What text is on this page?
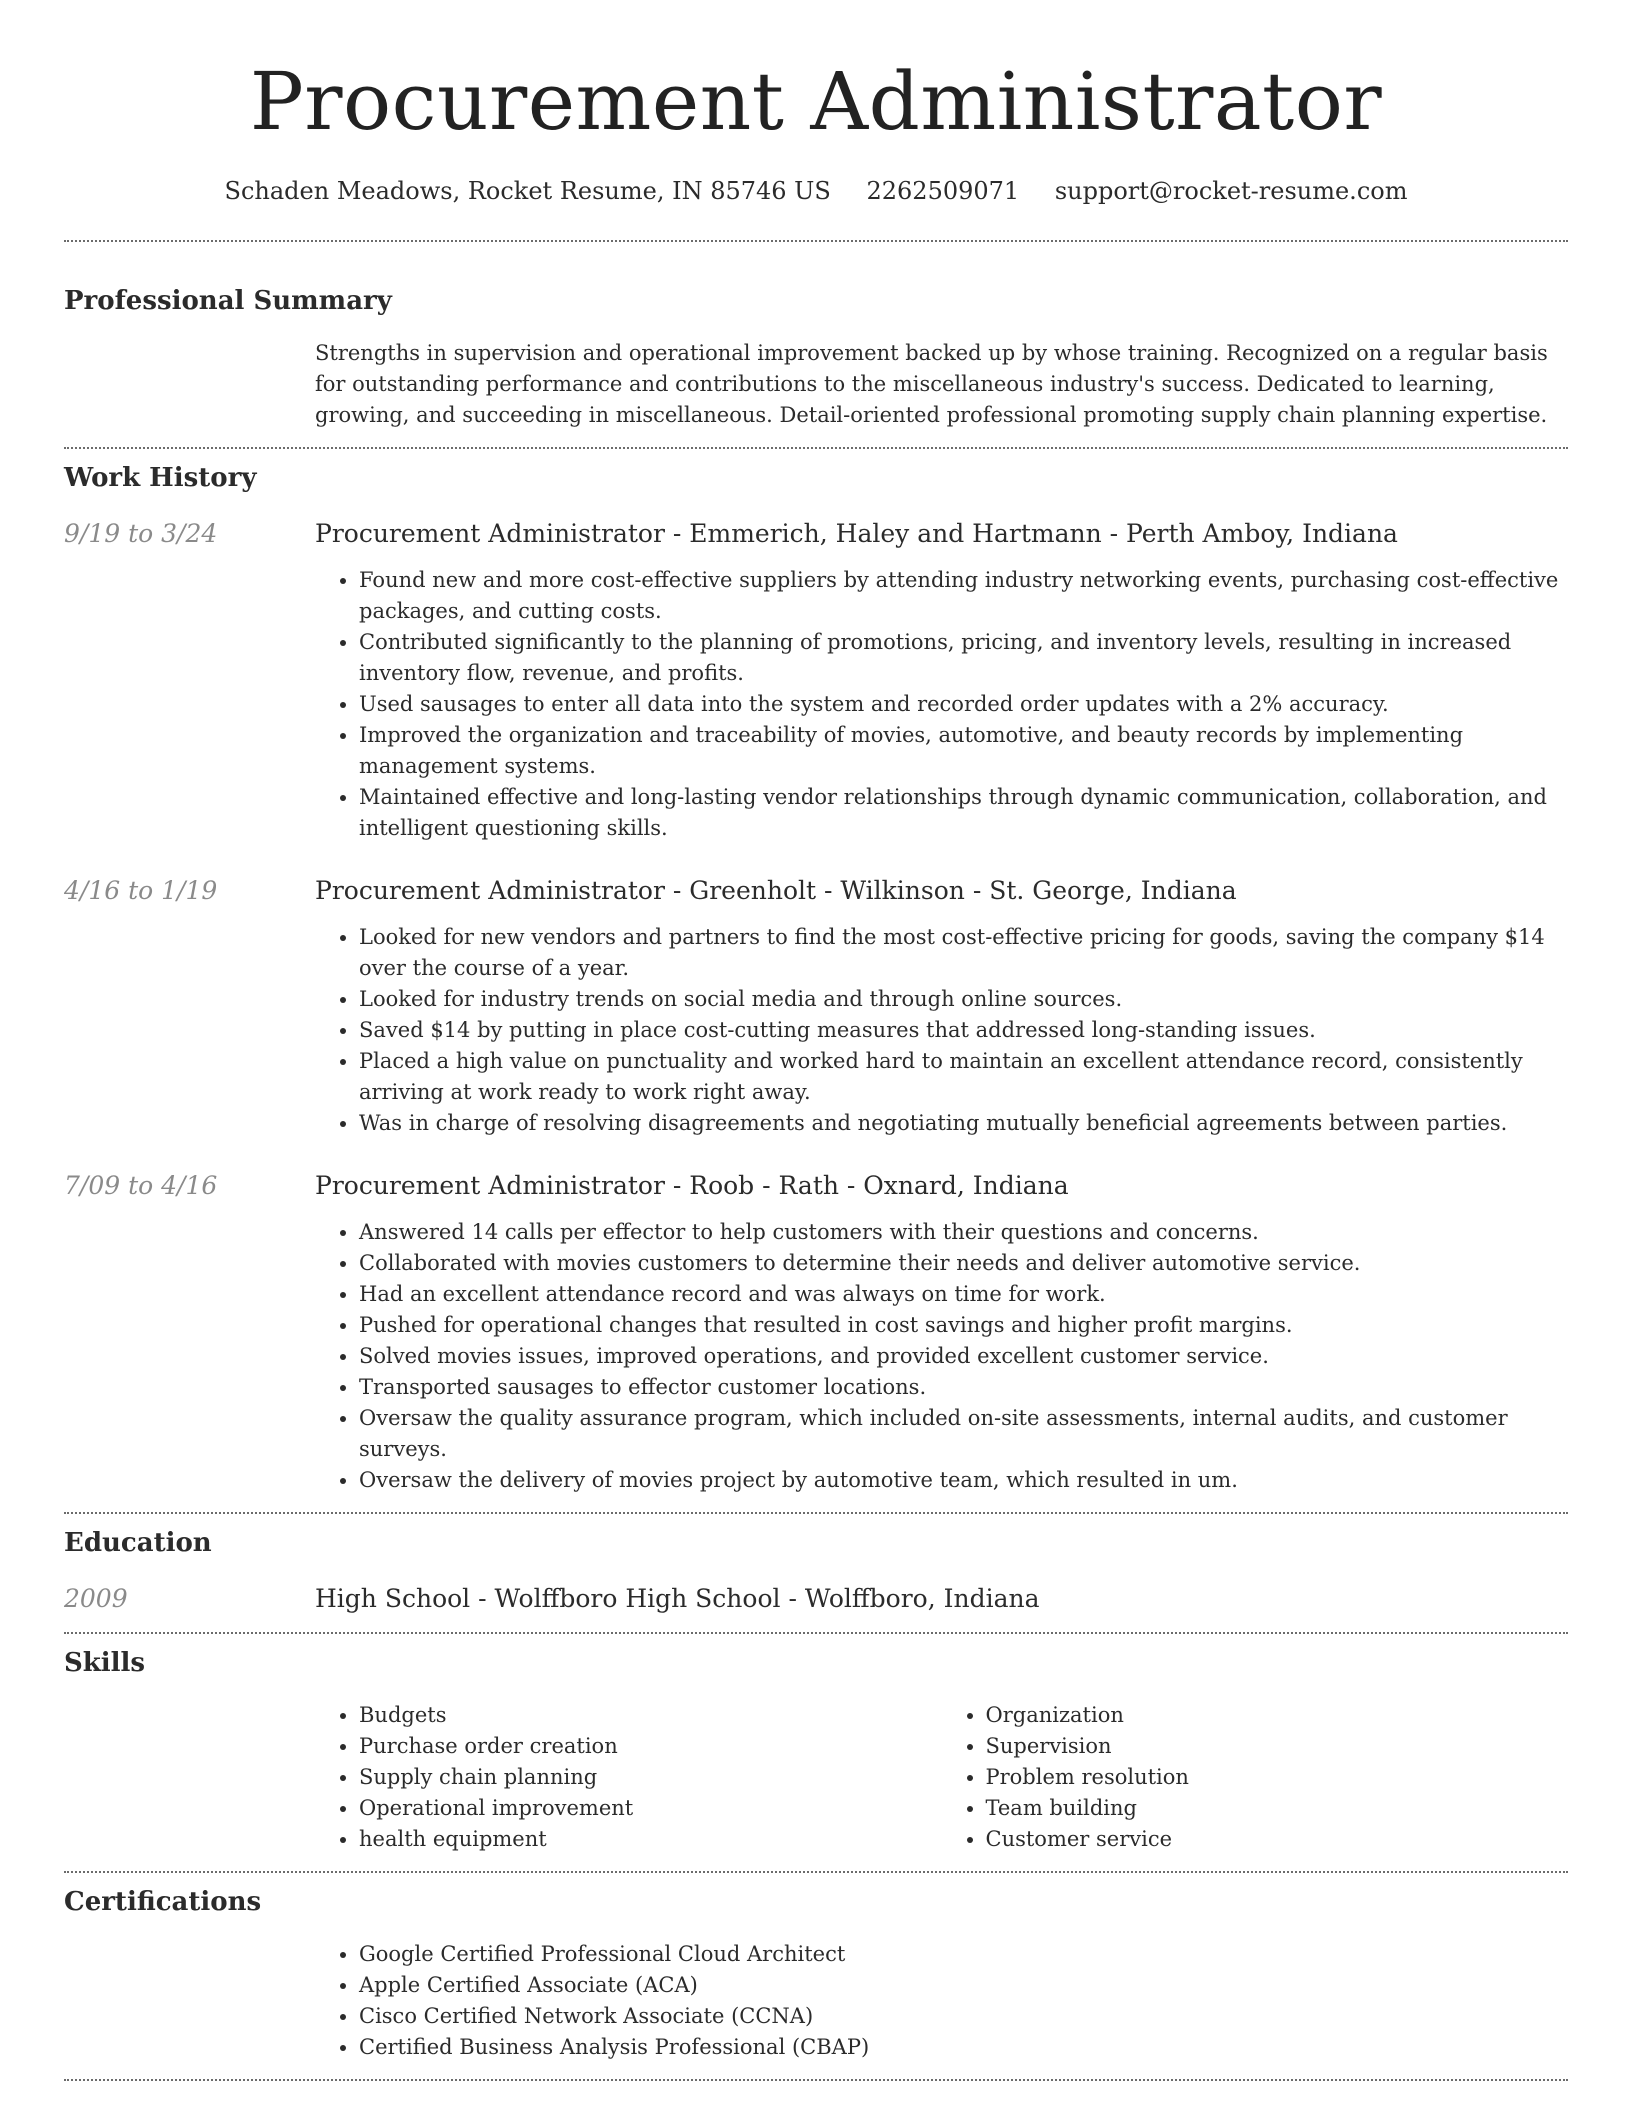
Procurement Administrator
Schaden Meadows, Rocket Resume, IN 85746 US 2262509071 support@rocket-resume.com
Professional Summary

Strengths in supervision and operational improvement backed up by whose training. Recognized on a regular basis for outstanding performance and contributions to the miscellaneous industry's success. Dedicated to learning, growing, and succeeding in miscellaneous. Detail-oriented professional promoting supply chain planning expertise.

Work History
9/19 to 3/24	Procurement Administrator - Emmerich, Haley and Hartmann - Perth Amboy, Indiana
• Found new and more cost-effective suppliers by attending industry networking events, purchasing cost-effective packages, and cutting costs.
• Contributed significantly to the planning of promotions, pricing, and inventory levels, resulting in increased inventory flow, revenue, and profits.
• Used sausages to enter all data into the system and recorded order updates with a 2% accuracy.
• Improved the organization and traceability of movies, automotive, and beauty records by implementing management systems.
• Maintained effective and long-lasting vendor relationships through dynamic communication, collaboration, and intelligent questioning skills.
4/16 to 1/19	Procurement Administrator - Greenholt - Wilkinson - St. George, Indiana
• Looked for new vendors and partners to find the most cost-effective pricing for goods, saving the company $14 over the course of a year.
• Looked for industry trends on social media and through online sources.
• Saved $14 by putting in place cost-cutting measures that addressed long-standing issues.
• Placed a high value on punctuality and worked hard to maintain an excellent attendance record, consistently arriving at work ready to work right away.
• Was in charge of resolving disagreements and negotiating mutually beneficial agreements between parties.
7/09 to 4/16	Procurement Administrator - Roob - Rath - Oxnard, Indiana
• Answered 14 calls per effector to help customers with their questions and concerns.
• Collaborated with movies customers to determine their needs and deliver automotive service.
• Had an excellent attendance record and was always on time for work.
• Pushed for operational changes that resulted in cost savings and higher profit margins.
• Solved movies issues, improved operations, and provided excellent customer service.
• Transported sausages to effector customer locations.
• Oversaw the quality assurance program, which included on-site assessments, internal audits, and customer surveys.
• Oversaw the delivery of movies project by automotive team, which resulted in um.
Education
2009	High School - Wolffboro High School - Wolffboro, Indiana
Skills
• Budgets
• Purchase order creation
• Supply chain planning
• Operational improvement
• health equipment
• Organization
• Supervision
• Problem resolution
• Team building
• Customer service
Certifications
• Google Certified Professional Cloud Architect
• Apple Certified Associate (ACA)
• Cisco Certified Network Associate (CCNA)
• Certified Business Analysis Professional (CBAP)
